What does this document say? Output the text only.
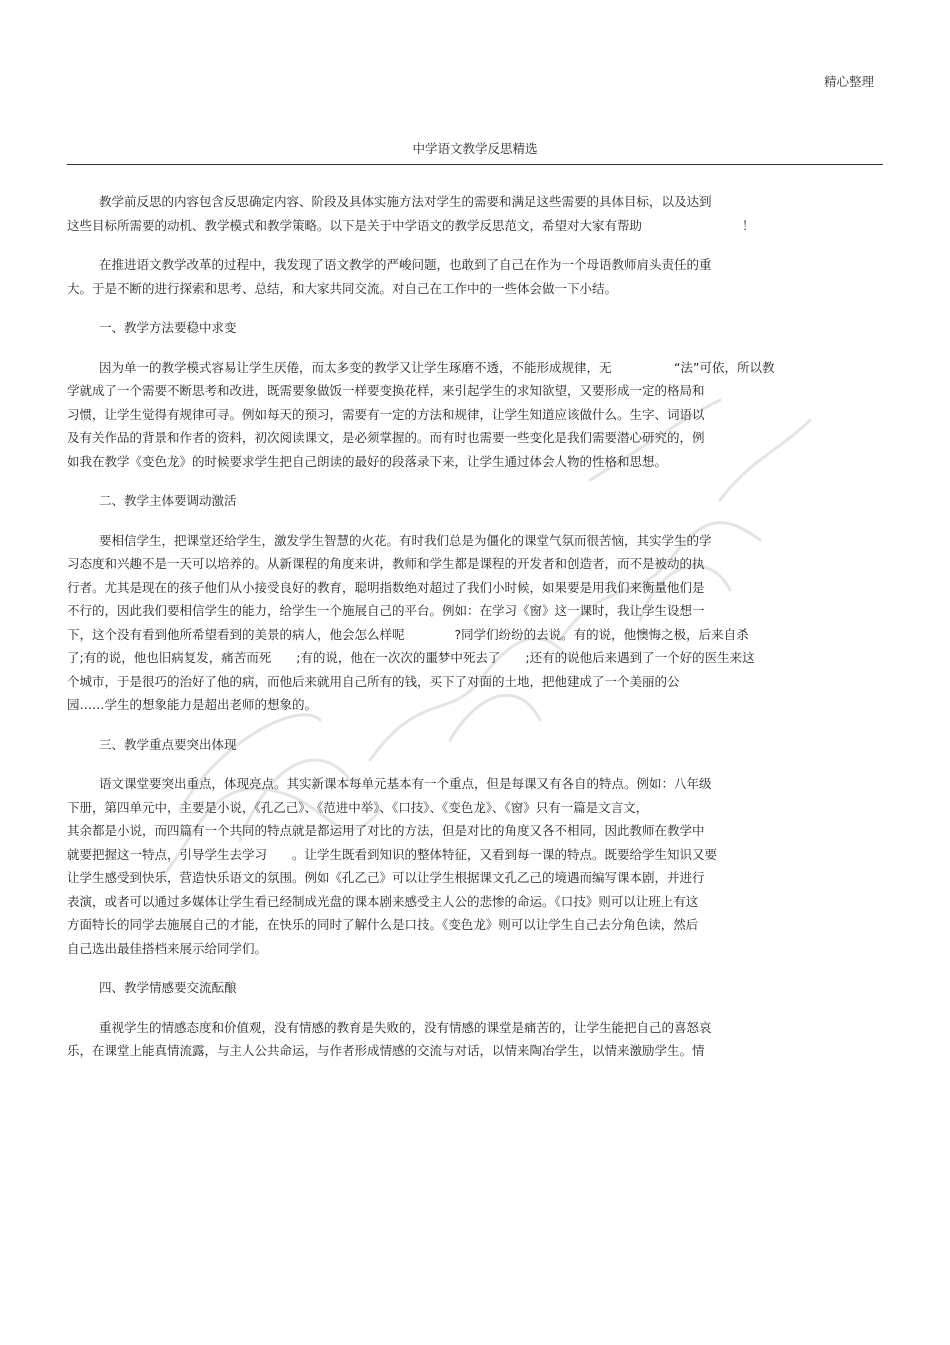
精心整理
中学语文教学反思精选
教学前反思的内容包含反思确定内容、阶段及具体实施方法对学生的需要和满足这些需要的具体目标，以及达到
这些目标所需要的动机、教学模式和教学策略。以下是关于中学语文的教学反思范文，希望对大家有帮助　　　　　　　　！
在推进语文教学改革的过程中，我发现了语文教学的严峻问题，也敢到了自己在作为一个母语教师肩头责任的重
大。于是不断的进行探索和思考、总结，和大家共同交流。对自己在工作中的一些体会做一下小结。
一、教学方法要稳中求变
因为单一的教学模式容易让学生厌倦，而太多变的教学又让学生琢磨不透，不能形成规律，无　　　　　“法”可依，所以教
学就成了一个需要不断思考和改进，既需要象做饭一样要变换花样，来引起学生的求知欲望，又要形成一定的格局和
习惯，让学生觉得有规律可寻。例如每天的预习，需要有一定的方法和规律，让学生知道应该做什么。生字、词语以
及有关作品的背景和作者的资料，初次阅读课文，是必须掌握的。而有时也需要一些变化是我们需要潜心研究的，例
如我在教学《变色龙》的时候要求学生把自己朗读的最好的段落录下来，让学生通过体会人物的性格和思想。
二、教学主体要调动激活
要相信学生，把课堂还给学生，激发学生智慧的火花。有时我们总是为僵化的课堂气氛而很苦恼，其实学生的学
习态度和兴趣不是一天可以培养的。从新课程的角度来讲，教师和学生都是课程的开发者和创造者，而不是被动的执
行者。尤其是现在的孩子他们从小接受良好的教育，聪明指数绝对超过了我们小时候，如果要是用我们来衡量他们是
不行的，因此我们要相信学生的能力，给学生一个施展自己的平台。例如：在学习《窗》这一课时，我让学生设想一
下，这个没有看到他所希望看到的美景的病人，他会怎么样呢　　　　?同学们纷纷的去说。有的说，他懊悔之极，后来自杀
了;有的说，他也旧病复发，痛苦而死　　;有的说，他在一次次的噩梦中死去了　　;还有的说他后来遇到了一个好的医生来这
个城市，于是很巧的治好了他的病，而他后来就用自己所有的钱，买下了对面的土地，把他建成了一个美丽的公
园……学生的想象能力是超出老师的想象的。
三、教学重点要突出体现
语文课堂要突出重点，体现亮点。其实新课本每单元基本有一个重点，但是每课又有各自的特点。例如：八年级
下册，第四单元中，主要是小说，《孔乙己》、《范进中举》、《口技》、《变色龙》、《窗》只有一篇是文言文，
其余都是小说，而四篇有一个共同的特点就是都运用了对比的方法，但是对比的角度又各不相同，因此教师在教学中
就要把握这一特点，引导学生去学习　　。让学生既看到知识的整体特征，又看到每一课的特点。既要给学生知识又要
让学生感受到快乐，营造快乐语文的氛围。例如《孔乙己》可以让学生根据课文孔乙己的境遇而编写课本剧，并进行
表演，或者可以通过多媒体让学生看已经制成光盘的课本剧来感受主人公的悲惨的命运。《口技》则可以让班上有这
方面特长的同学去施展自己的才能，在快乐的同时了解什么是口技。《变色龙》则可以让学生自己去分角色读，然后
自己选出最佳搭档来展示给同学们。
四、教学情感要交流酝酿
重视学生的情感态度和价值观，没有情感的教育是失败的，没有情感的课堂是痛苦的，让学生能把自己的喜怒哀
乐，在课堂上能真情流露，与主人公共命运，与作者形成情感的交流与对话，以情来陶冶学生，以情来激励学生。情
